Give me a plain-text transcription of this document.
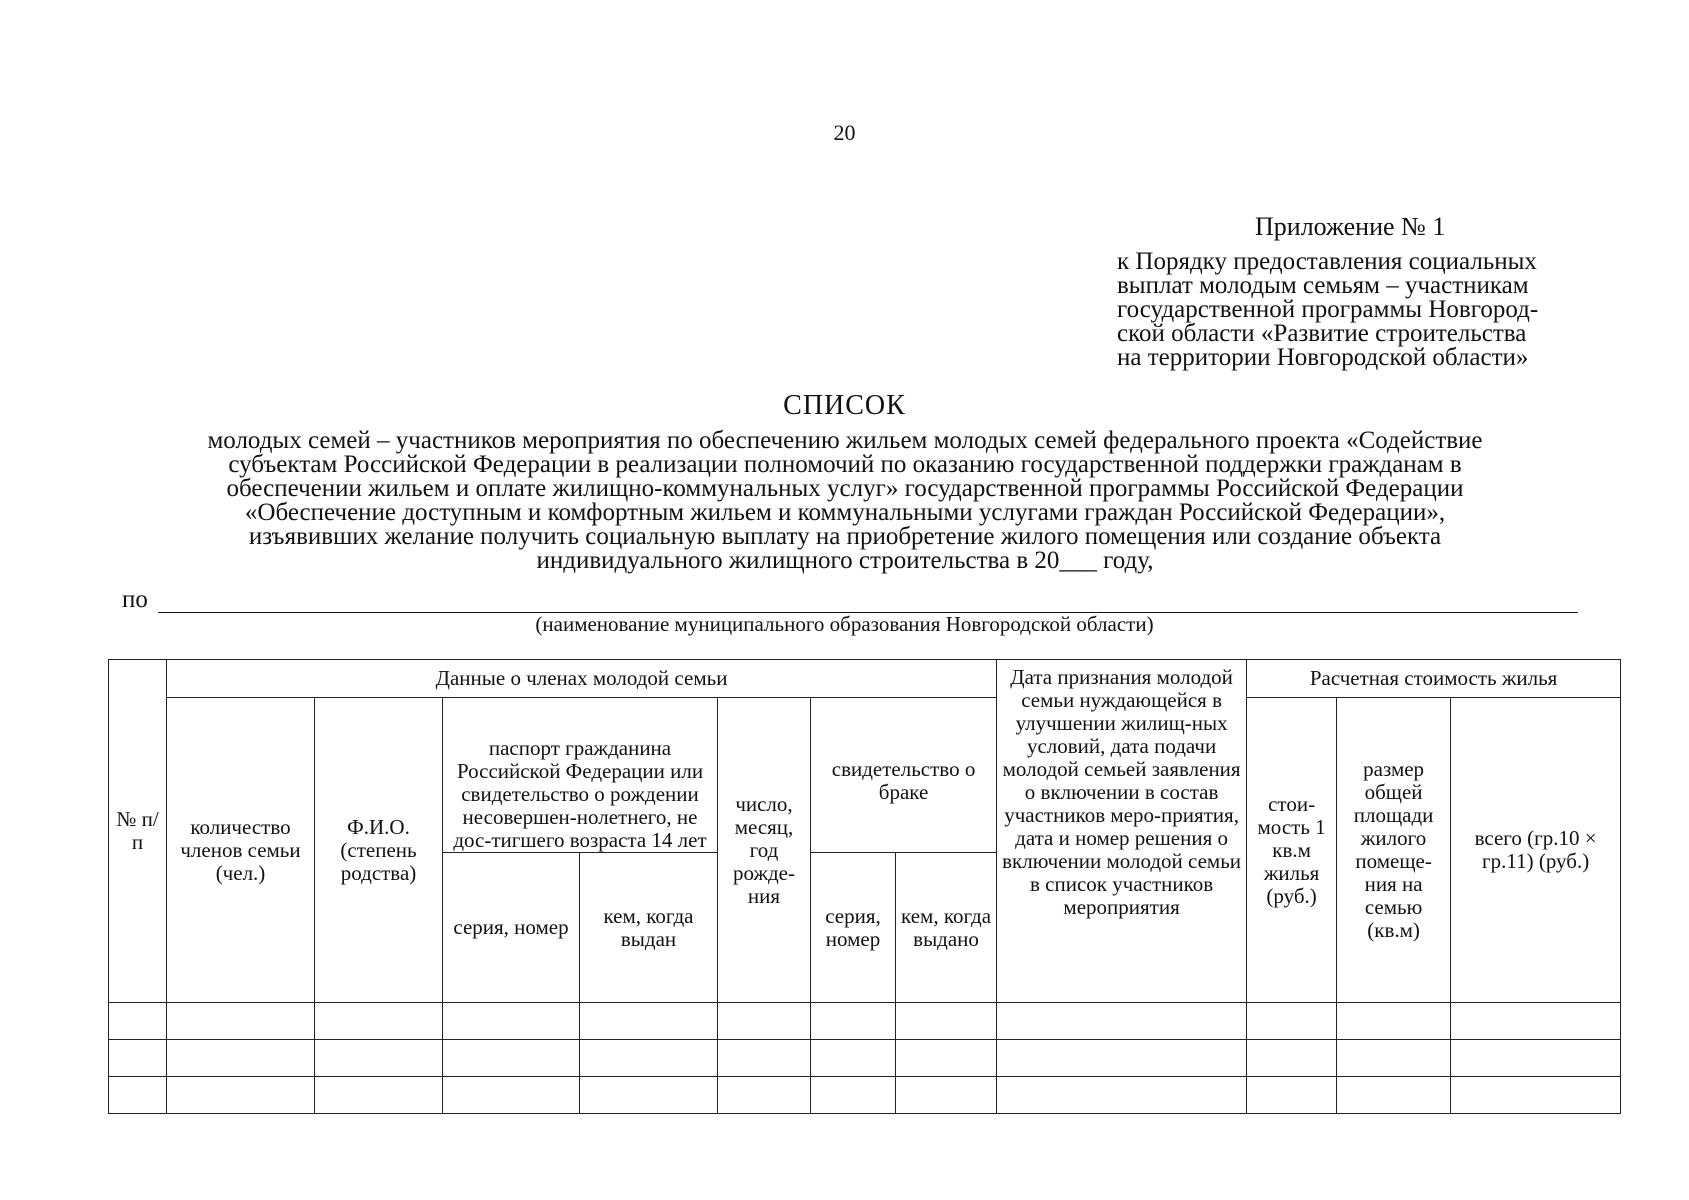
20
Приложение № 1
к Порядку предоставления социальных
выплат молодым семьям – участникам
государственной программы Новгород-
ской области «Развитие строительства
на территории Новгородской области»
СПИСОК
молодых семей – участников мероприятия по обеспечению жильем молодых семей федерального проекта «Содействие
субъектам Российской Федерации в реализации полномочий по оказанию государственной поддержки гражданам в
обеспечении жильем и оплате жилищно-коммунальных услуг» государственной программы Российской Федерации
«Обеспечение доступным и комфортным жильем и коммунальными услугами граждан Российской Федерации»,
изъявивших желание получить социальную выплату на приобретение жилого помещения или создание объекта
индивидуального жилищного строительства в 20___ году,
по
(наименование муниципального образования Новгородской области)
№ п/п	Данные о членах молодой семьи							Дата признания молодой семьи нуждающейся в улучшении жилищ-ных условий, дата подачи молодой семьей заявления о включении в состав участников меро-приятия, дата и номер решения о включении молодой семьи в список участников мероприятия	Расчетная стоимость жилья		
	количество членов семьи (чел.)	Ф.И.О. (степень родства)	паспорт гражданина Российской Федерации или свидетельство о рождении несовершен-нолетнего, не дос-тигшего возраста 14 лет		число, месяц, год рожде-ния	свидетельство о браке			стои-мость 1 кв.м жилья (руб.)	размер общей площади жилого помеще-ния на семью (кв.м)	всего (гр.10 × гр.11) (руб.)
			серия, номер	кем, когда выдан		серия, номер	кем, когда выдано				
